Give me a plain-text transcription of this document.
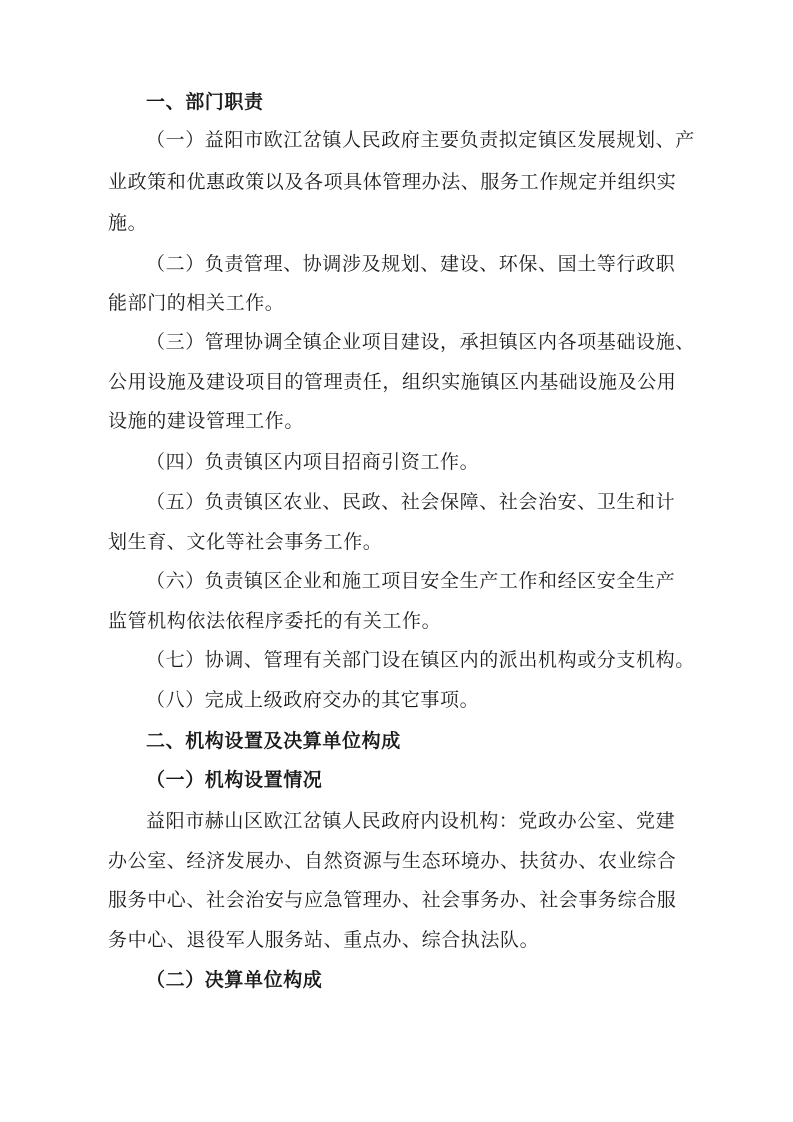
一、部门职责
（一）益阳市欧江岔镇人民政府主要负责拟定镇区发展规划、产
业政策和优惠政策以及各项具体管理办法、服务工作规定并组织实
施。
（二）负责管理、协调涉及规划、建设、环保、国土等行政职
能部门的相关工作。
（三）管理协调全镇企业项目建设，承担镇区内各项基础设施、
公用设施及建设项目的管理责任，组织实施镇区内基础设施及公用
设施的建设管理工作。
（四）负责镇区内项目招商引资工作。
（五）负责镇区农业、民政、社会保障、社会治安、卫生和计
划生育、文化等社会事务工作。
（六）负责镇区企业和施工项目安全生产工作和经区安全生产
监管机构依法依程序委托的有关工作。
（七）协调、管理有关部门设在镇区内的派出机构或分支机构。
（八）完成上级政府交办的其它事项。
二、机构设置及决算单位构成
（一）机构设置情况
益阳市赫山区欧江岔镇人民政府内设机构：党政办公室、党建
办公室、经济发展办、自然资源与生态环境办、扶贫办、农业综合
服务中心、社会治安与应急管理办、社会事务办、社会事务综合服
务中心、退役军人服务站、重点办、综合执法队。
（二）决算单位构成
